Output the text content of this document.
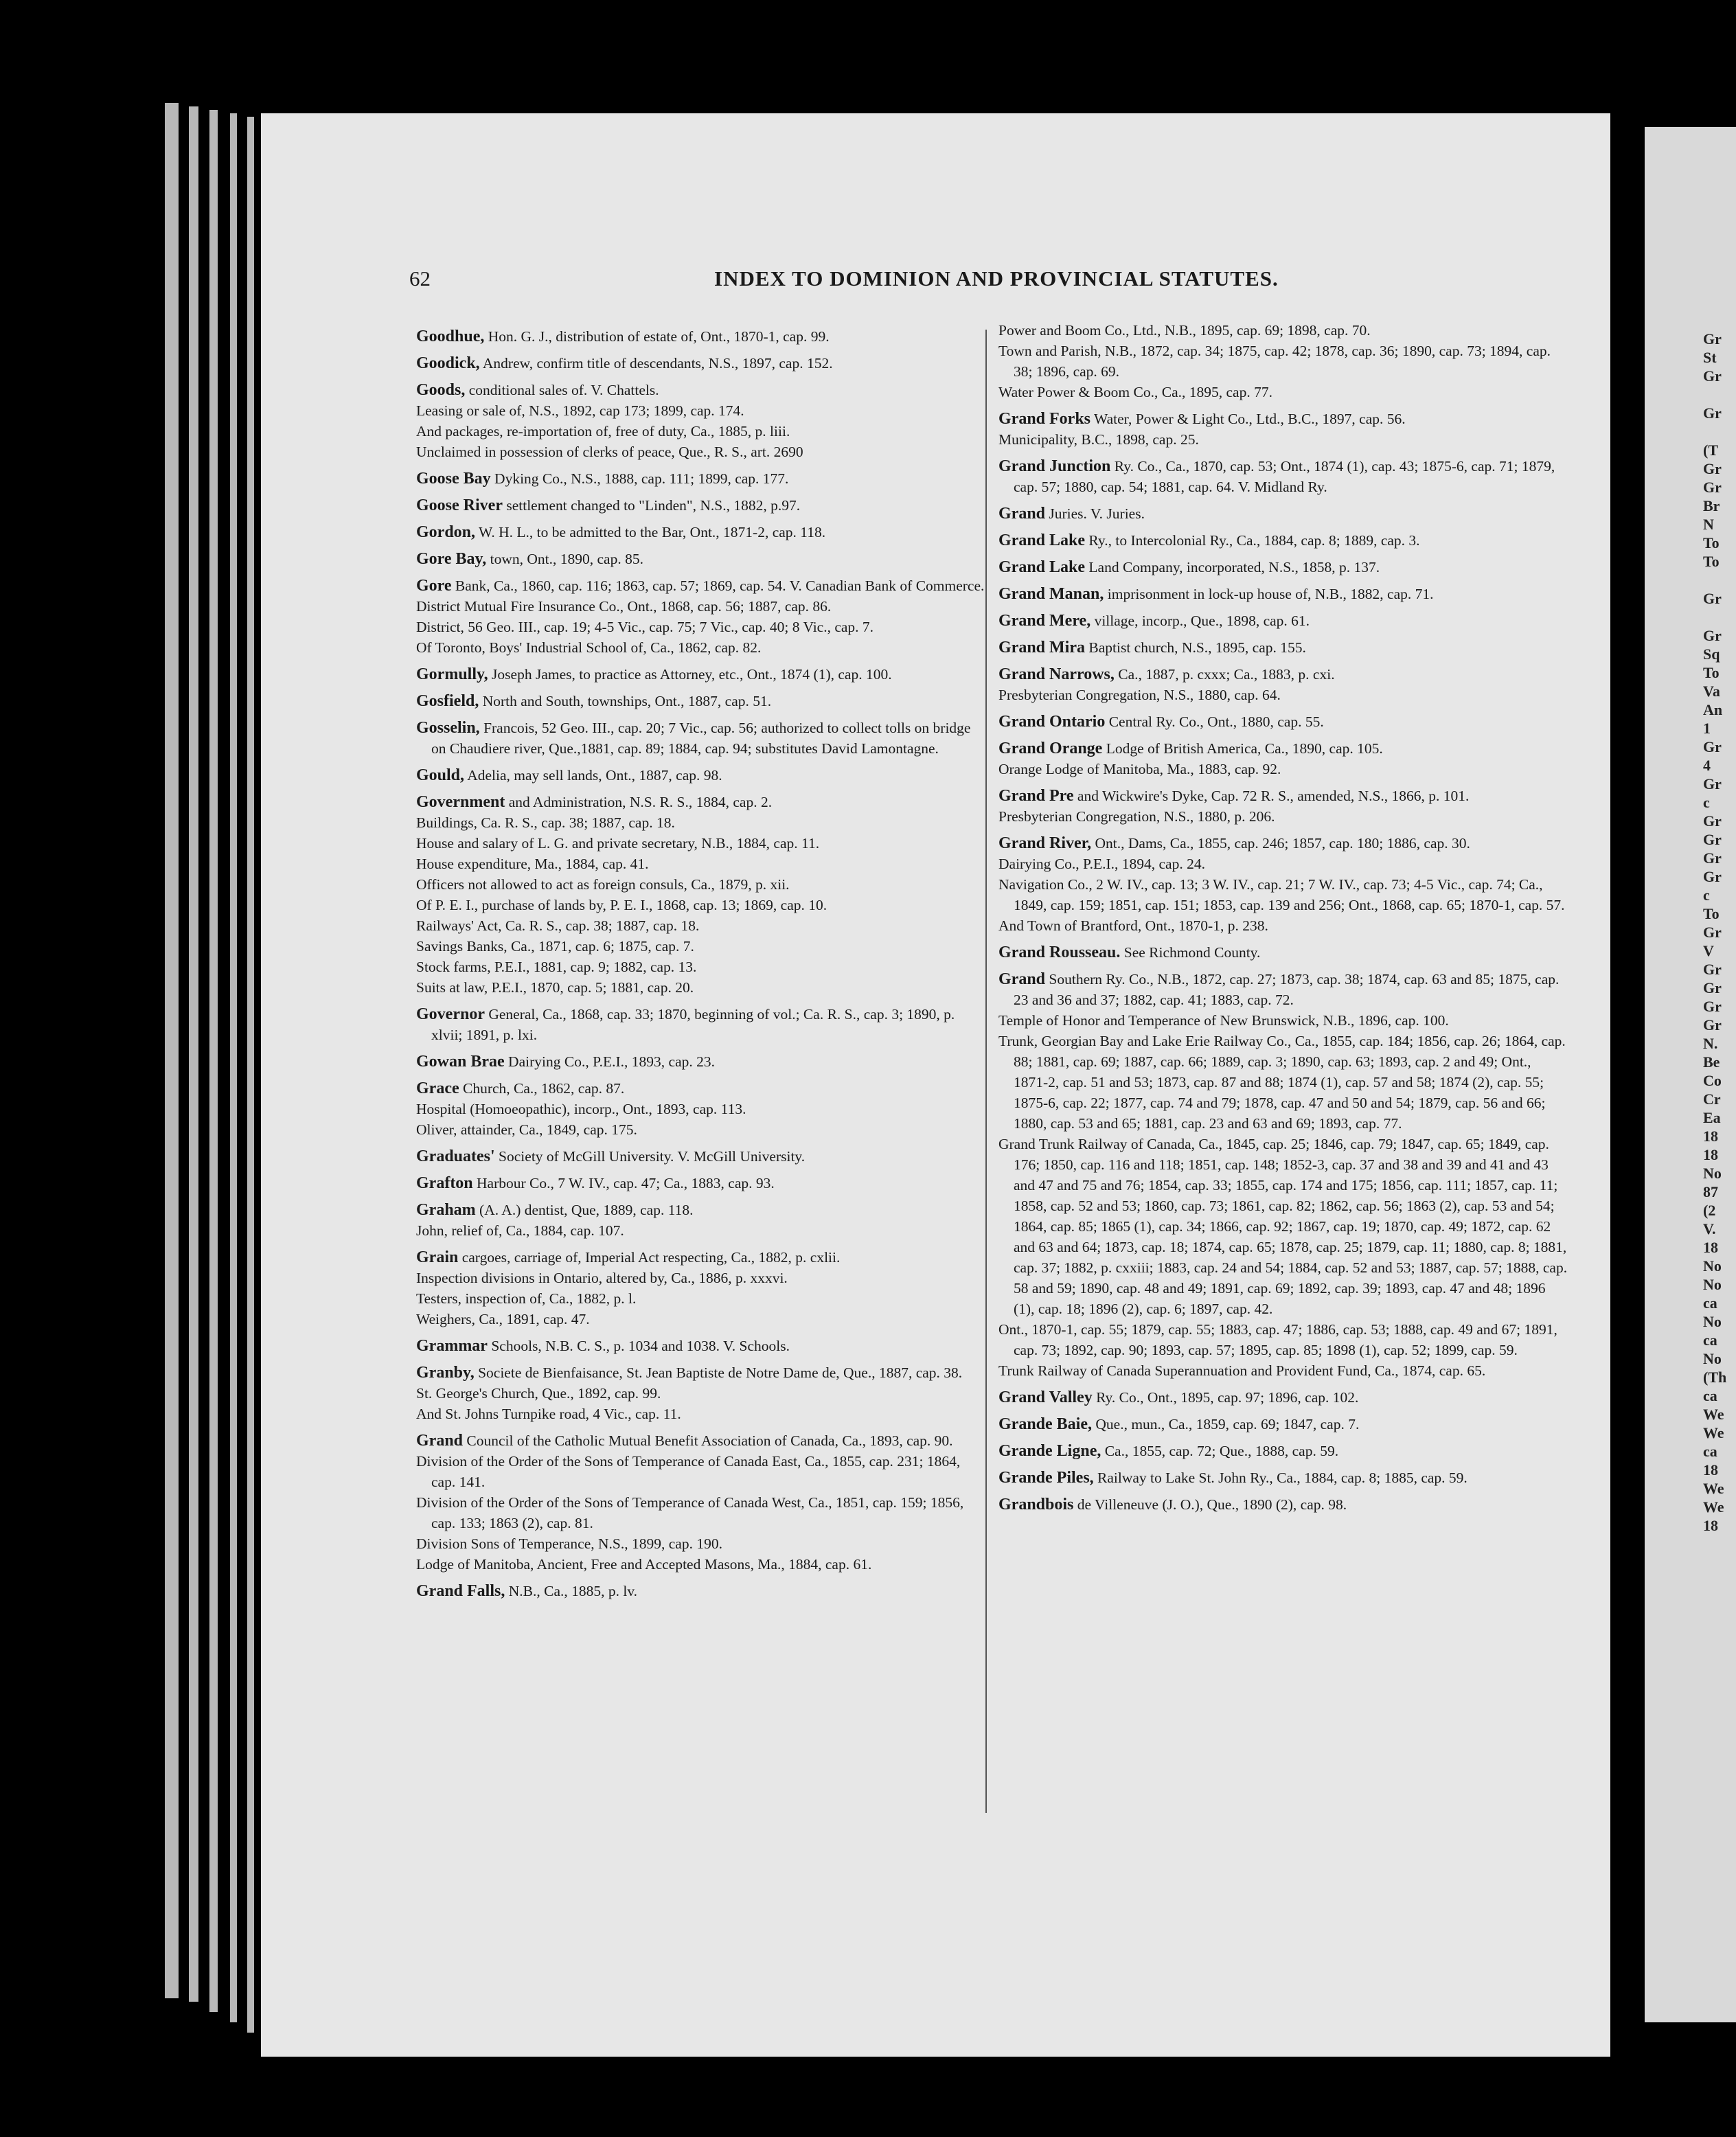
62	INDEX TO DOMINION AND PROVINCIAL STATUTES.
Goodhue, Hon. G. J., distribution of estate of, Ont., 1870-1, cap. 99.
Goodick, Andrew, confirm title of descendants, N.S., 1897, cap. 152.
Goods, conditional sales of. V. Chattels.
Leasing or sale of, N.S., 1892, cap 173; 1899, cap. 174.
And packages, re-importation of, free of duty, Ca., 1885, p. liii.
Unclaimed in possession of clerks of peace, Que., R. S., art. 2690
Goose Bay Dyking Co., N.S., 1888, cap. 111; 1899, cap. 177.
Goose River settlement changed to "Linden", N.S., 1882, p.97.
Gordon, W. H. L., to be admitted to the Bar, Ont., 1871-2, cap. 118.
Gore Bay, town, Ont., 1890, cap. 85.
Gore Bank, Ca., 1860, cap. 116; 1863, cap. 57; 1869, cap. 54. V. Canadian Bank of Commerce.
District Mutual Fire Insurance Co., Ont., 1868, cap. 56; 1887, cap. 86.
District, 56 Geo. III., cap. 19; 4-5 Vic., cap. 75; 7 Vic., cap. 40; 8 Vic., cap. 7.
Of Toronto, Boys' Industrial School of, Ca., 1862, cap. 82.
Gormully, Joseph James, to practice as Attorney, etc., Ont., 1874 (1), cap. 100.
Gosfield, North and South, townships, Ont., 1887, cap. 51.
Gosselin, Francois, 52 Geo. III., cap. 20; 7 Vic., cap. 56; authorized to collect tolls on bridge on Chaudiere river, Que.,1881, cap. 89; 1884, cap. 94; substitutes David Lamontagne.
Gould, Adelia, may sell lands, Ont., 1887, cap. 98.
Government and Administration, N.S. R. S., 1884, cap. 2.
Buildings, Ca. R. S., cap. 38; 1887, cap. 18.
House and salary of L. G. and private secretary, N.B., 1884, cap. 11.
House expenditure, Ma., 1884, cap. 41.
Officers not allowed to act as foreign consuls, Ca., 1879, p. xii.
Of P. E. I., purchase of lands by, P. E. I., 1868, cap. 13; 1869, cap. 10.
Railways' Act, Ca. R. S., cap. 38; 1887, cap. 18.
Savings Banks, Ca., 1871, cap. 6; 1875, cap. 7.
Stock farms, P.E.I., 1881, cap. 9; 1882, cap. 13.
Suits at law, P.E.I., 1870, cap. 5; 1881, cap. 20.
Governor General, Ca., 1868, cap. 33; 1870, beginning of vol.; Ca. R. S., cap. 3; 1890, p. xlvii; 1891, p. lxi.
Gowan Brae Dairying Co., P.E.I., 1893, cap. 23.
Grace Church, Ca., 1862, cap. 87.
Hospital (Homoeopathic), incorp., Ont., 1893, cap. 113.
Oliver, attainder, Ca., 1849, cap. 175.
Graduates' Society of McGill University. V. McGill University.
Grafton Harbour Co., 7 W. IV., cap. 47; Ca., 1883, cap. 93.
Graham (A. A.) dentist, Que, 1889, cap. 118.
John, relief of, Ca., 1884, cap. 107.
Grain cargoes, carriage of, Imperial Act respecting, Ca., 1882, p. cxlii.
Inspection divisions in Ontario, altered by, Ca., 1886, p. xxxvi.
Testers, inspection of, Ca., 1882, p. l.
Weighers, Ca., 1891, cap. 47.
Grammar Schools, N.B. C. S., p. 1034 and 1038. V. Schools.
Granby, Societe de Bienfaisance, St. Jean Baptiste de Notre Dame de, Que., 1887, cap. 38.
St. George's Church, Que., 1892, cap. 99.
And St. Johns Turnpike road, 4 Vic., cap. 11.
Grand Council of the Catholic Mutual Benefit Association of Canada, Ca., 1893, cap. 90.
Division of the Order of the Sons of Temperance of Canada East, Ca., 1855, cap. 231; 1864, cap. 141.
Division of the Order of the Sons of Temperance of Canada West, Ca., 1851, cap. 159; 1856, cap. 133; 1863 (2), cap. 81.
Division Sons of Temperance, N.S., 1899, cap. 190.
Lodge of Manitoba, Ancient, Free and Accepted Masons, Ma., 1884, cap. 61.
Grand Falls, N.B., Ca., 1885, p. lv.
Power and Boom Co., Ltd., N.B., 1895, cap. 69; 1898, cap. 70.
Town and Parish, N.B., 1872, cap. 34; 1875, cap. 42; 1878, cap. 36; 1890, cap. 73; 1894, cap. 38; 1896, cap. 69.
Water Power & Boom Co., Ca., 1895, cap. 77.
Grand Forks Water, Power & Light Co., Ltd., B.C., 1897, cap. 56.
Municipality, B.C., 1898, cap. 25.
Grand Junction Ry. Co., Ca., 1870, cap. 53; Ont., 1874 (1), cap. 43; 1875-6, cap. 71; 1879, cap. 57; 1880, cap. 54; 1881, cap. 64. V. Midland Ry.
Grand Juries. V. Juries.
Grand Lake Ry., to Intercolonial Ry., Ca., 1884, cap. 8; 1889, cap. 3.
Grand Lake Land Company, incorporated, N.S., 1858, p. 137.
Grand Manan, imprisonment in lock-up house of, N.B., 1882, cap. 71.
Grand Mere, village, incorp., Que., 1898, cap. 61.
Grand Mira Baptist church, N.S., 1895, cap. 155.
Grand Narrows, Ca., 1887, p. cxxx; Ca., 1883, p. cxi.
Presbyterian Congregation, N.S., 1880, cap. 64.
Grand Ontario Central Ry. Co., Ont., 1880, cap. 55.
Grand Orange Lodge of British America, Ca., 1890, cap. 105.
Orange Lodge of Manitoba, Ma., 1883, cap. 92.
Grand Pre and Wickwire's Dyke, Cap. 72 R. S., amended, N.S., 1866, p. 101.
Presbyterian Congregation, N.S., 1880, p. 206.
Grand River, Ont., Dams, Ca., 1855, cap. 246; 1857, cap. 180; 1886, cap. 30.
Dairying Co., P.E.I., 1894, cap. 24.
Navigation Co., 2 W. IV., cap. 13; 3 W. IV., cap. 21; 7 W. IV., cap. 73; 4-5 Vic., cap. 74; Ca., 1849, cap. 159; 1851, cap. 151; 1853, cap. 139 and 256; Ont., 1868, cap. 65; 1870-1, cap. 57.
And Town of Brantford, Ont., 1870-1, p. 238.
Grand Rousseau. See Richmond County.
Grand Southern Ry. Co., N.B., 1872, cap. 27; 1873, cap. 38; 1874, cap. 63 and 85; 1875, cap. 23 and 36 and 37; 1882, cap. 41; 1883, cap. 72.
Temple of Honor and Temperance of New Brunswick, N.B., 1896, cap. 100.
Trunk, Georgian Bay and Lake Erie Railway Co., Ca., 1855, cap. 184; 1856, cap. 26; 1864, cap. 88; 1881, cap. 69; 1887, cap. 66; 1889, cap. 3; 1890, cap. 63; 1893, cap. 2 and 49; Ont., 1871-2, cap. 51 and 53; 1873, cap. 87 and 88; 1874 (1), cap. 57 and 58; 1874 (2), cap. 55; 1875-6, cap. 22; 1877, cap. 74 and 79; 1878, cap. 47 and 50 and 54; 1879, cap. 56 and 66; 1880, cap. 53 and 65; 1881, cap. 23 and 63 and 69; 1893, cap. 77.
Grand Trunk Railway of Canada, Ca., 1845, cap. 25; 1846, cap. 79; 1847, cap. 65; 1849, cap. 176; 1850, cap. 116 and 118; 1851, cap. 148; 1852-3, cap. 37 and 38 and 39 and 41 and 43 and 47 and 75 and 76; 1854, cap. 33; 1855, cap. 174 and 175; 1856, cap. 111; 1857, cap. 11; 1858, cap. 52 and 53; 1860, cap. 73; 1861, cap. 82; 1862, cap. 56; 1863 (2), cap. 53 and 54; 1864, cap. 85; 1865 (1), cap. 34; 1866, cap. 92; 1867, cap. 19; 1870, cap. 49; 1872, cap. 62 and 63 and 64; 1873, cap. 18; 1874, cap. 65; 1878, cap. 25; 1879, cap. 11; 1880, cap. 8; 1881, cap. 37; 1882, p. cxxiii; 1883, cap. 24 and 54; 1884, cap. 52 and 53; 1887, cap. 57; 1888, cap. 58 and 59; 1890, cap. 48 and 49; 1891, cap. 69; 1892, cap. 39; 1893, cap. 47 and 48; 1896 (1), cap. 18; 1896 (2), cap. 6; 1897, cap. 42.
Ont., 1870-1, cap. 55; 1879, cap. 55; 1883, cap. 47; 1886, cap. 53; 1888, cap. 49 and 67; 1891, cap. 73; 1892, cap. 90; 1893, cap. 57; 1895, cap. 85; 1898 (1), cap. 52; 1899, cap. 59.
Trunk Railway of Canada Superannuation and Provident Fund, Ca., 1874, cap. 65.
Grand Valley Ry. Co., Ont., 1895, cap. 97; 1896, cap. 102.
Grande Baie, Que., mun., Ca., 1859, cap. 69; 1847, cap. 7.
Grande Ligne, Ca., 1855, cap. 72; Que., 1888, cap. 59.
Grande Piles, Railway to Lake St. John Ry., Ca., 1884, cap. 8; 1885, cap. 59.
Grandbois de Villeneuve (J. O.), Que., 1890 (2), cap. 98.
Gr
St
Gr

Gr

(T
Gr
Gr
Br
N
To
To

Gr

Gr
Sq
To
Va
An
1
Gr
4
Gr
c
Gr
Gr
Gr
Gr
c
To
Gr
V
Gr
Gr
Gr
Gr
N.
Be
Co
Cr
Ea
18
18
No
87
(2
V.
18
No
No
ca
No
ca
No
(Th
ca
We
We
ca
18
We
We
18
